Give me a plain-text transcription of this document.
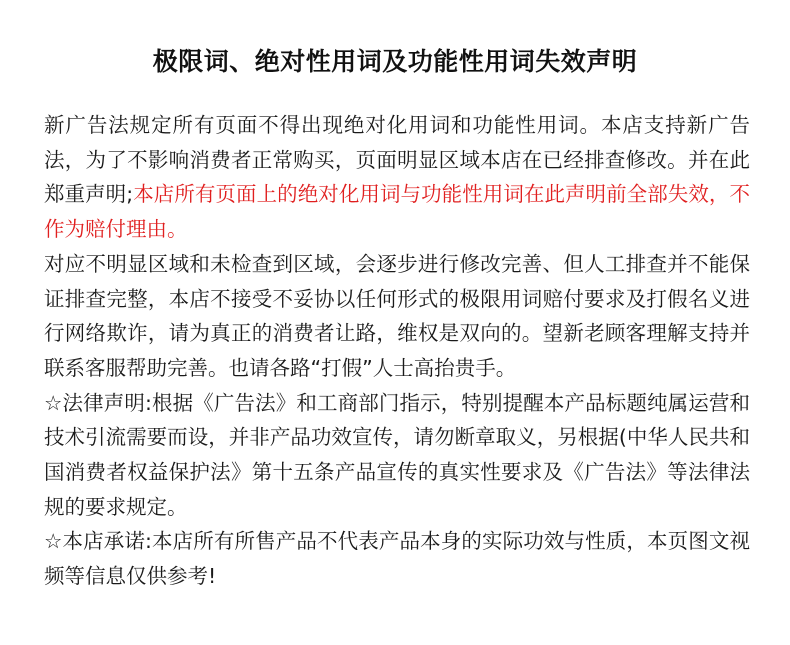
极限词、绝对性用词及功能性用词失效声明

新广告法规定所有页面不得出现绝对化用词和功能性用词。本店支持新广告法，为了不影响消费者正常购买，页面明显区域本店在已经排查修改。并在此郑重声明;本店所有页面上的绝对化用词与功能性用词在此声明前全部失效，不作为赔付理由。

对应不明显区域和未检查到区域，会逐步进行修改完善、但人工排查并不能保证排查完整，本店不接受不妥协以任何形式的极限用词赔付要求及打假名义进行网络欺诈，请为真正的消费者让路，维权是双向的。望新老顾客理解支持并联系客服帮助完善。也请各路“打假”人士高抬贵手。

☆法律声明:根据《广告法》和工商部门指示，特别提醒本产品标题纯属运营和技术引流需要而设，并非产品功效宣传，请勿断章取义，另根据(中华人民共和国消费者权益保护法》第十五条产品宣传的真实性要求及《广告法》等法律法规的要求规定。

☆本店承诺:本店所有所售产品不代表产品本身的实际功效与性质，本页图文视频等信息仅供参考!
